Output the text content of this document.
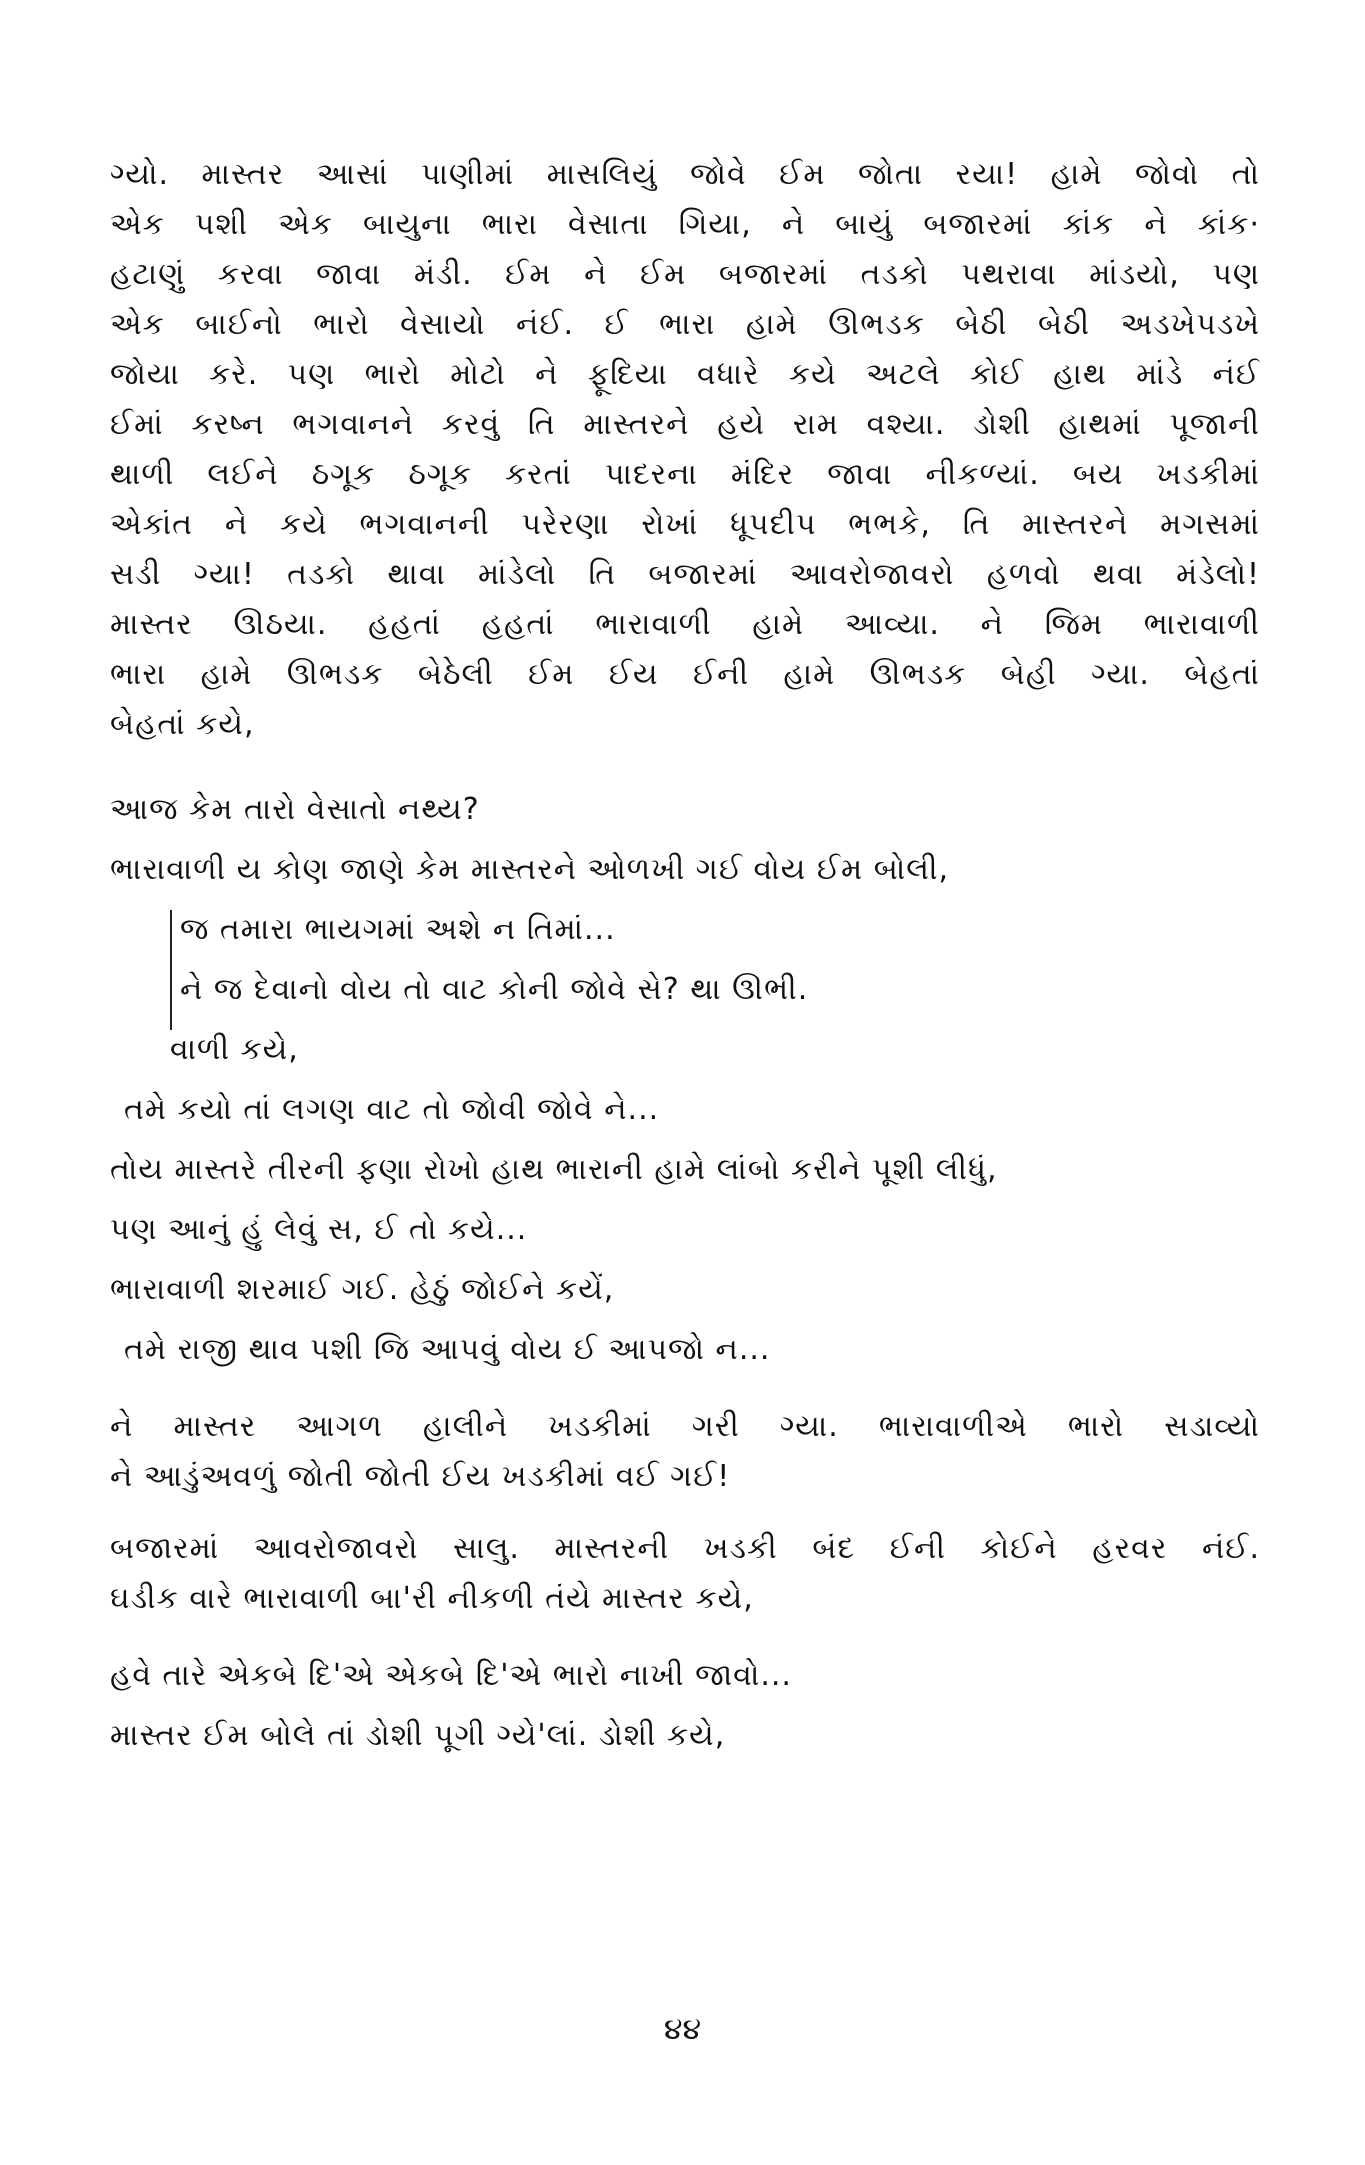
ગ્યો. માસ્તર આસાં પાણીમાં માસલિયું જોવે ઈમ જોતા રયા! હામે જોવો તો
એક પશી એક બાયુના ભારા વેસાતા ગિયા, ને બાયું બજારમાં કાંક ને કાંક·
હટાણું કરવા જાવા મંડી. ઈમ ને ઈમ બજારમાં તડકો પથરાવા માંડયો, પણ
એક બાઈનો ભારો વેસાયો નંઈ. ઈ ભારા હામે ઊભડક બેઠી બેઠી અડખેપડખે
જોયા કરે. પણ ભારો મોટો ને ફૂદિયા વધારે કયે અટલે કોઈ હાથ માંડે નંઈ
ઈમાં કરષ્ન ભગવાનને કરવું તિ માસ્તરને હયે રામ વશ્યા. ડોશી હાથમાં પૂજાની
થાળી લઈને ઠગૂક ઠગૂક કરતાં પાદરના મંદિર જાવા નીકળ્યાં. બય ખડકીમાં
એકાંત ને કયે ભગવાનની પરેરણા રોખાં ધૂપદીપ ભભકે, તિ માસ્તરને મગસમાં
સડી ગ્યા! તડકો થાવા માંડેલો તિ બજારમાં આવરોજાવરો હળવો થવા મંડેલો!
માસ્તર ઊઠયા. હહતાં હહતાં ભારાવાળી હામે આવ્યા. ને જિમ ભારાવાળી
ભારા હામે ઊભડક બેઠેલી ઈમ ઈય ઈની હામે ઊભડક બેહી ગ્યા. બેહતાં
બેહતાં કયે,
આજ કેમ તારો વેસાતો નથ્ય?
ભારાવાળી ય કોણ જાણે કેમ માસ્તરને ઓળખી ગઈ વોય ઈમ બોલી,
જ તમારા ભાયગમાં અશે ન તિમાં...
ને જ દેવાનો વોય તો વાટ કોની જોવે સે? થા ઊભી.
વાળી કયે,
તમે કયો તાં લગણ વાટ તો જોવી જોવે ને...
તોય માસ્તરે તીરની ફણા રોખો હાથ ભારાની હામે લાંબો કરીને પૂશી લીધું,
પણ આનું હું લેવું સ, ઈ તો કયે...
ભારાવાળી શરમાઈ ગઈ. હેઠું જોઈને કયેં,
તમે રાજી થાવ પશી જિ આપવું વોય ઈ આપજો ન...
ને માસ્તર આગળ હાલીને ખડકીમાં ગરી ગ્યા. ભારાવાળીએ ભારો સડાવ્યો
ને આડુંઅવળું જોતી જોતી ઈય ખડકીમાં વઈ ગઈ!
બજારમાં આવરોજાવરો સાલુ. માસ્તરની ખડકી બંદ ઈની કોઈને હરવર નંઈ.
ઘડીક વારે ભારાવાળી બા'રી નીકળી તંયે માસ્તર કયે,
હવે તારે એકબે દિ'એ એકબે દિ'એ ભારો નાખી જાવો...
માસ્તર ઈમ બોલે તાં ડોશી પૂગી ગ્યે'લાં. ડોશી કયે,
૪૪
